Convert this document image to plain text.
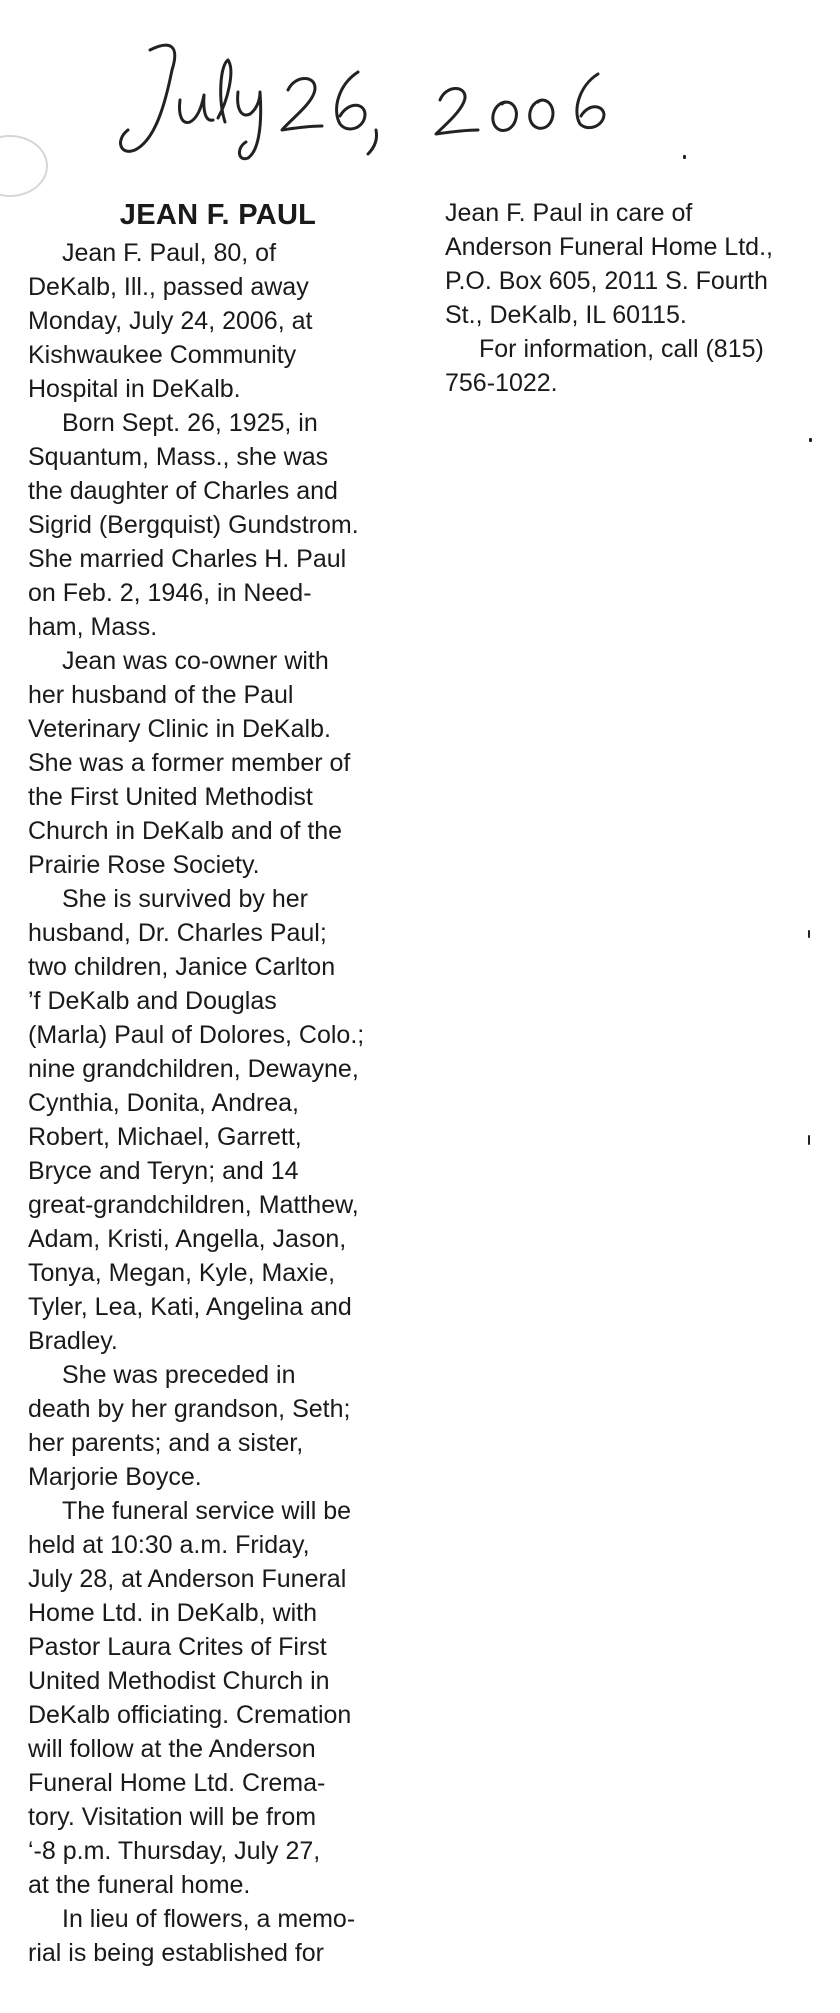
JEAN F. PAUL
Jean F. Paul, 80, of
DeKalb, Ill., passed away
Monday, July 24, 2006, at
Kishwaukee Community
Hospital in DeKalb.
Born Sept. 26, 1925, in
Squantum, Mass., she was
the daughter of Charles and
Sigrid (Bergquist) Gundstrom.
She married Charles H. Paul
on Feb. 2, 1946, in Need-
ham, Mass.
Jean was co-owner with
her husband of the Paul
Veterinary Clinic in DeKalb.
She was a former member of
the First United Methodist
Church in DeKalb and of the
Prairie Rose Society.
She is survived by her
husband, Dr. Charles Paul;
two children, Janice Carlton
’f DeKalb and Douglas
(Marla) Paul of Dolores, Colo.;
nine grandchildren, Dewayne,
Cynthia, Donita, Andrea,
Robert, Michael, Garrett,
Bryce and Teryn; and 14
great-grandchildren, Matthew,
Adam, Kristi, Angella, Jason,
Tonya, Megan, Kyle, Maxie,
Tyler, Lea, Kati, Angelina and
Bradley.
She was preceded in
death by her grandson, Seth;
her parents; and a sister,
Marjorie Boyce.
The funeral service will be
held at 10:30 a.m. Friday,
July 28, at Anderson Funeral
Home Ltd. in DeKalb, with
Pastor Laura Crites of First
United Methodist Church in
DeKalb officiating. Cremation
will follow at the Anderson
Funeral Home Ltd. Crema-
tory. Visitation will be from
‘-8 p.m. Thursday, July 27,
at the funeral home.
In lieu of flowers, a memo-
rial is being established for
Jean F. Paul in care of
Anderson Funeral Home Ltd.,
P.O. Box 605, 2011 S. Fourth
St., DeKalb, IL 60115.
For information, call (815)
756-1022.
